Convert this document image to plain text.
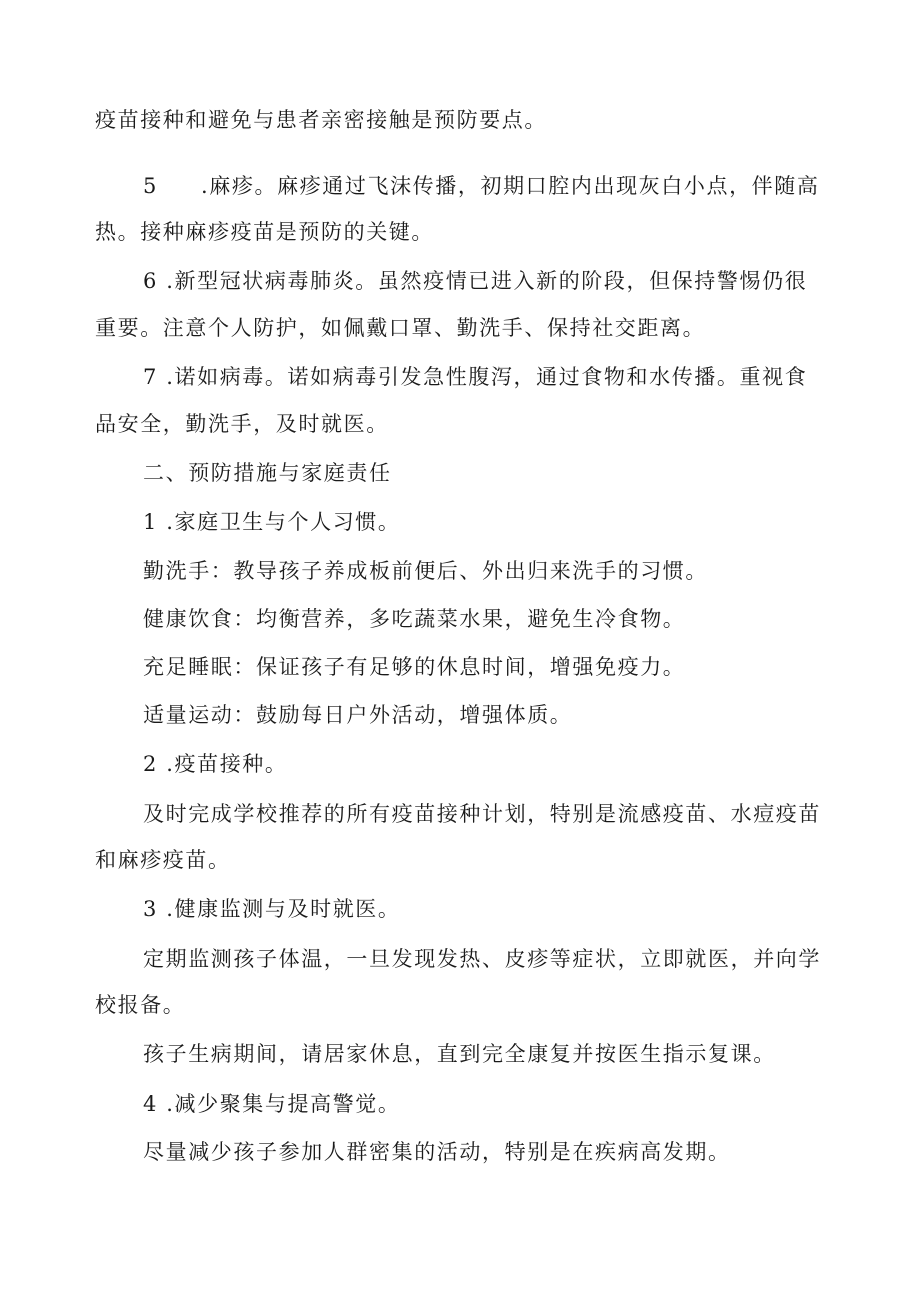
疫苗接种和避免与患者亲密接触是预防要点。
5 .麻疹。麻疹通过飞沫传播，初期口腔内出现灰白小点，伴随高
热。接种麻疹疫苗是预防的关键。
6 .新型冠状病毒肺炎。虽然疫情已进入新的阶段，但保持警惕仍很
重要。注意个人防护，如佩戴口罩、勤洗手、保持社交距离。
7 .诺如病毒。诺如病毒引发急性腹泻，通过食物和水传播。重视食
品安全，勤洗手，及时就医。
二、预防措施与家庭责任
1 .家庭卫生与个人习惯。
勤洗手：教导孩子养成板前便后、外出归来洗手的习惯。
健康饮食：均衡营养，多吃蔬菜水果，避免生冷食物。
充足睡眠：保证孩子有足够的休息时间，增强免疫力。
适量运动：鼓励每日户外活动，增强体质。
2 .疫苗接种。
及时完成学校推荐的所有疫苗接种计划，特别是流感疫苗、水痘疫苗
和麻疹疫苗。
3 .健康监测与及时就医。
定期监测孩子体温，一旦发现发热、皮疹等症状，立即就医，并向学
校报备。
孩子生病期间，请居家休息，直到完全康复并按医生指示复课。
4 .减少聚集与提高警觉。
尽量减少孩子参加人群密集的活动，特别是在疾病高发期。
